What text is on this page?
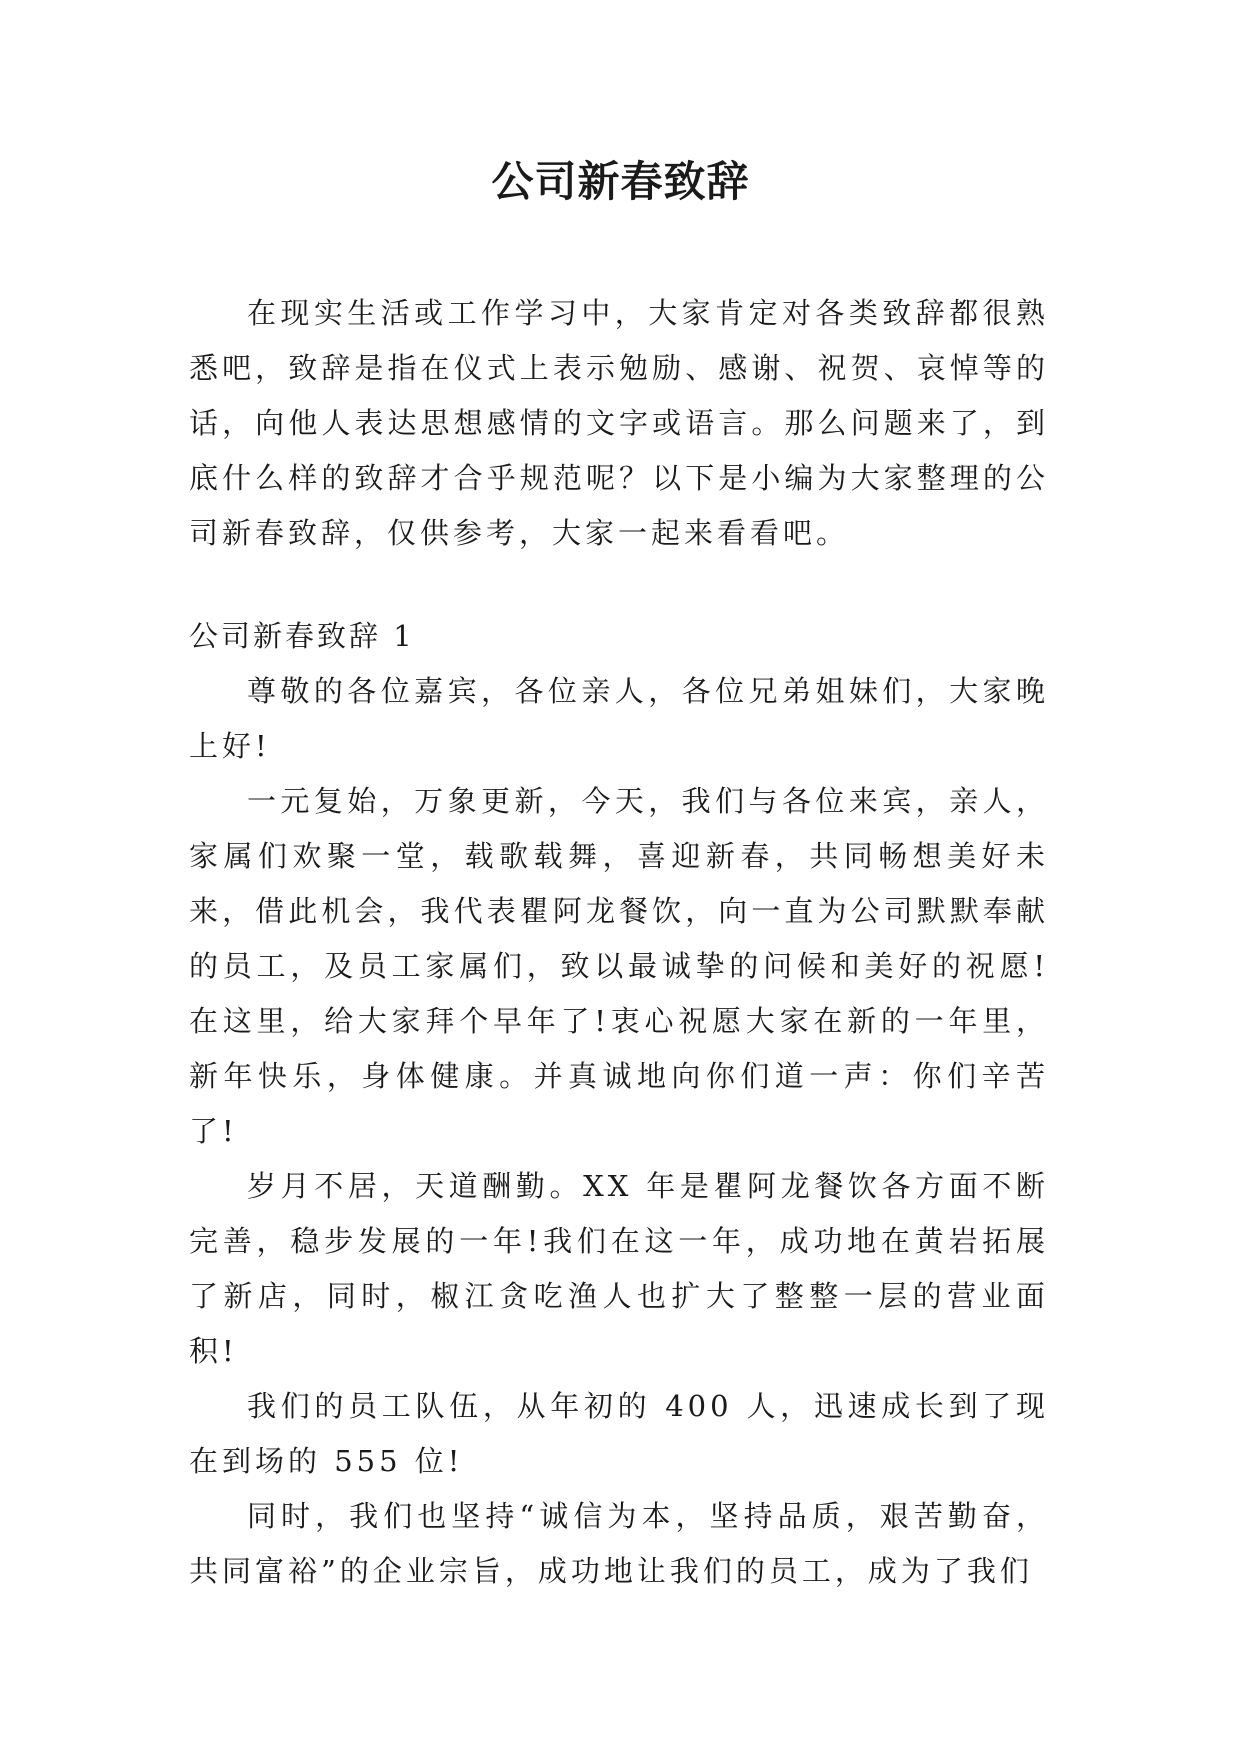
公司新春致辞

在现实生活或工作学习中，大家肯定对各类致辞都很熟悉吧，致辞是指在仪式上表示勉励、感谢、祝贺、哀悼等的话，向他人表达思想感情的文字或语言。那么问题来了，到底什么样的致辞才合乎规范呢？以下是小编为大家整理的公司新春致辞，仅供参考，大家一起来看看吧。

公司新春致辞 1

尊敬的各位嘉宾，各位亲人，各位兄弟姐妹们，大家晚上好!

一元复始，万象更新，今天，我们与各位来宾，亲人，家属们欢聚一堂，载歌载舞，喜迎新春，共同畅想美好未来，借此机会，我代表瞿阿龙餐饮，向一直为公司默默奉献的员工，及员工家属们，致以最诚挚的问候和美好的祝愿!在这里，给大家拜个早年了!衷心祝愿大家在新的一年里，新年快乐，身体健康。并真诚地向你们道一声：你们辛苦了!

岁月不居，天道酬勤。XX 年是瞿阿龙餐饮各方面不断完善，稳步发展的一年!我们在这一年，成功地在黄岩拓展了新店，同时，椒江贪吃渔人也扩大了整整一层的营业面积!

我们的员工队伍，从年初的 400 人，迅速成长到了现在到场的 555 位!

同时，我们也坚持“诚信为本，坚持品质，艰苦勤奋，共同富裕”的企业宗旨，成功地让我们的员工，成为了我们
